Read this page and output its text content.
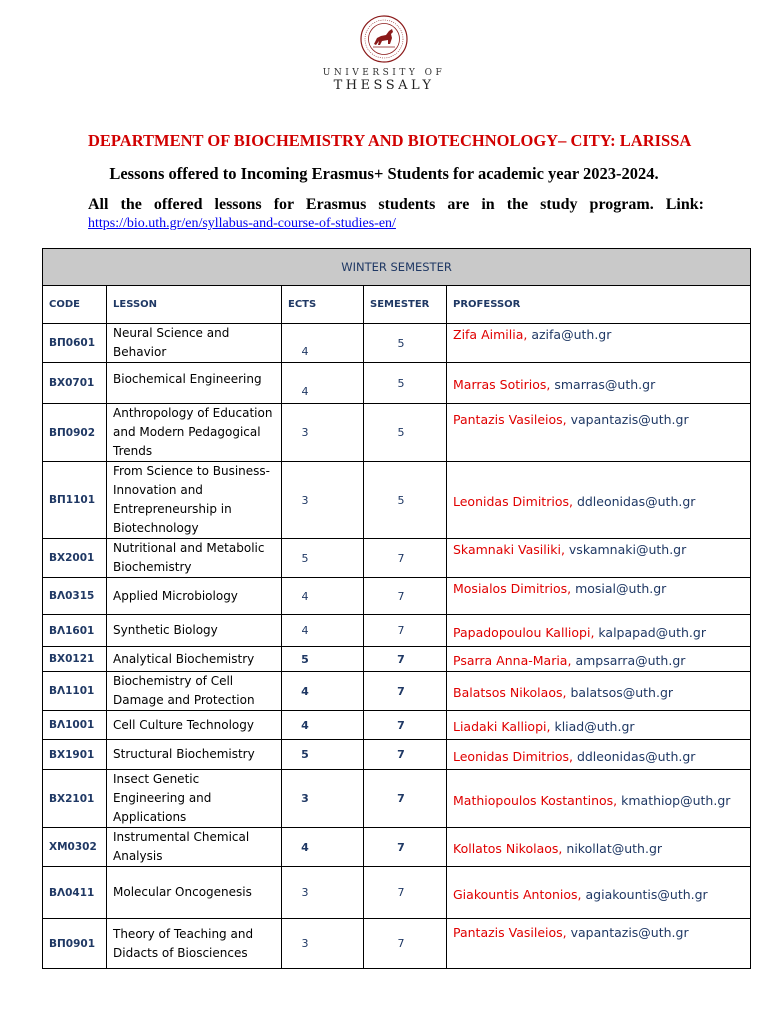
UNIVERSITY OF
THESSALY
DEPARTMENT OF BIOCHEMISTRY AND BIOTECHNOLOGY– CITY: LARISSA
Lessons offered to Incoming Erasmus+ Students for academic year 2023-2024.
All the offered lessons for Erasmus students are in the study program. Link:
https://bio.uth.gr/en/syllabus-and-course-of-studies-en/
WINTER SEMESTER				
CODE	LESSON	ECTS	SEMESTER	PROFESSOR
ΒΠ0601	Neural Science and Behavior	4	5	Zifa Aimilia, azifa@uth.gr
ΒΧ0701	Biochemical Engineering	4	5	Marras Sotirios, smarras@uth.gr
ΒΠ0902	Anthropology of Education and Modern Pedagogical Trends	3	5	Pantazis Vasileios, vapantazis@uth.gr
ΒΠ1101	From Science to Business-Innovation and Entrepreneurship in Biotechnology	3	5	Leonidas Dimitrios, ddleonidas@uth.gr
ΒΧ2001	Nutritional and Metabolic Biochemistry	5	7	Skamnaki Vasiliki, vskamnaki@uth.gr
ΒΛ0315	Applied Microbiology	4	7	Mosialos Dimitrios, mosial@uth.gr
ΒΛ1601	Synthetic Biology	4	7	Papadopoulou Kalliopi, kalpapad@uth.gr
ΒΧ0121	Analytical Biochemistry	5	7	Psarra Anna-Maria, ampsarra@uth.gr
ΒΛ1101	Biochemistry of Cell Damage and Protection	4	7	Balatsos Nikolaos, balatsos@uth.gr
ΒΛ1001	Cell Culture Technology	4	7	Liadaki Kalliopi, kliad@uth.gr
ΒΧ1901	Structural Biochemistry	5	7	Leonidas Dimitrios, ddleonidas@uth.gr
ΒΧ2101	Insect Genetic Engineering and Applications	3	7	Mathiopoulos Kostantinos, kmathiop@uth.gr
ΧΜ0302	Instrumental Chemical Analysis	4	7	Kollatos Nikolaos, nikollat@uth.gr
ΒΛ0411	Molecular Oncogenesis	3	7	Giakountis Antonios, agiakountis@uth.gr
ΒΠ0901	Theory of Teaching and Didacts of Biosciences	3	7	Pantazis Vasileios, vapantazis@uth.gr
